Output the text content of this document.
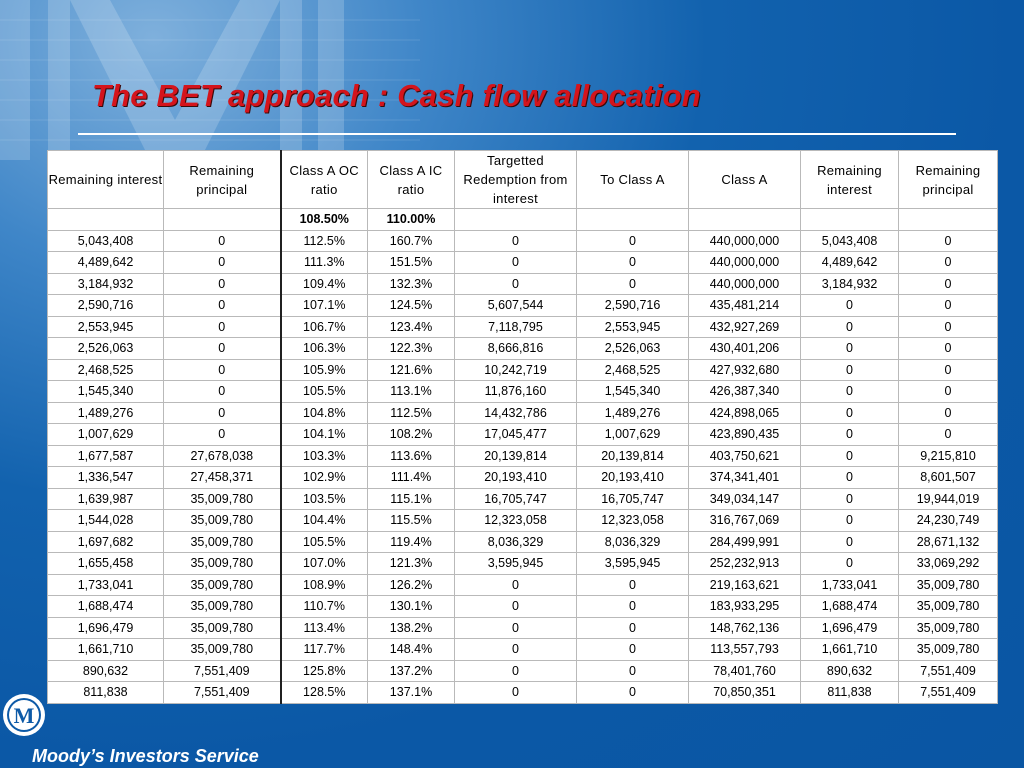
The BET approach : Cash flow allocation
Remaining interest	Remaining principal	Class A OC ratio	Class A IC ratio	Targetted Redemption from interest	To Class A	Class A	Remaining interest	Remaining principal
		108.50%	110.00%					
5,043,408	0	112.5%	160.7%	0	0	440,000,000	5,043,408	0
4,489,642	0	111.3%	151.5%	0	0	440,000,000	4,489,642	0
3,184,932	0	109.4%	132.3%	0	0	440,000,000	3,184,932	0
2,590,716	0	107.1%	124.5%	5,607,544	2,590,716	435,481,214	0	0
2,553,945	0	106.7%	123.4%	7,118,795	2,553,945	432,927,269	0	0
2,526,063	0	106.3%	122.3%	8,666,816	2,526,063	430,401,206	0	0
2,468,525	0	105.9%	121.6%	10,242,719	2,468,525	427,932,680	0	0
1,545,340	0	105.5%	113.1%	11,876,160	1,545,340	426,387,340	0	0
1,489,276	0	104.8%	112.5%	14,432,786	1,489,276	424,898,065	0	0
1,007,629	0	104.1%	108.2%	17,045,477	1,007,629	423,890,435	0	0
1,677,587	27,678,038	103.3%	113.6%	20,139,814	20,139,814	403,750,621	0	9,215,810
1,336,547	27,458,371	102.9%	111.4%	20,193,410	20,193,410	374,341,401	0	8,601,507
1,639,987	35,009,780	103.5%	115.1%	16,705,747	16,705,747	349,034,147	0	19,944,019
1,544,028	35,009,780	104.4%	115.5%	12,323,058	12,323,058	316,767,069	0	24,230,749
1,697,682	35,009,780	105.5%	119.4%	8,036,329	8,036,329	284,499,991	0	28,671,132
1,655,458	35,009,780	107.0%	121.3%	3,595,945	3,595,945	252,232,913	0	33,069,292
1,733,041	35,009,780	108.9%	126.2%	0	0	219,163,621	1,733,041	35,009,780
1,688,474	35,009,780	110.7%	130.1%	0	0	183,933,295	1,688,474	35,009,780
1,696,479	35,009,780	113.4%	138.2%	0	0	148,762,136	1,696,479	35,009,780
1,661,710	35,009,780	117.7%	148.4%	0	0	113,557,793	1,661,710	35,009,780
890,632	7,551,409	125.8%	137.2%	0	0	78,401,760	890,632	7,551,409
811,838	7,551,409	128.5%	137.1%	0	0	70,850,351	811,838	7,551,409
M
Moody’s Investors Service
